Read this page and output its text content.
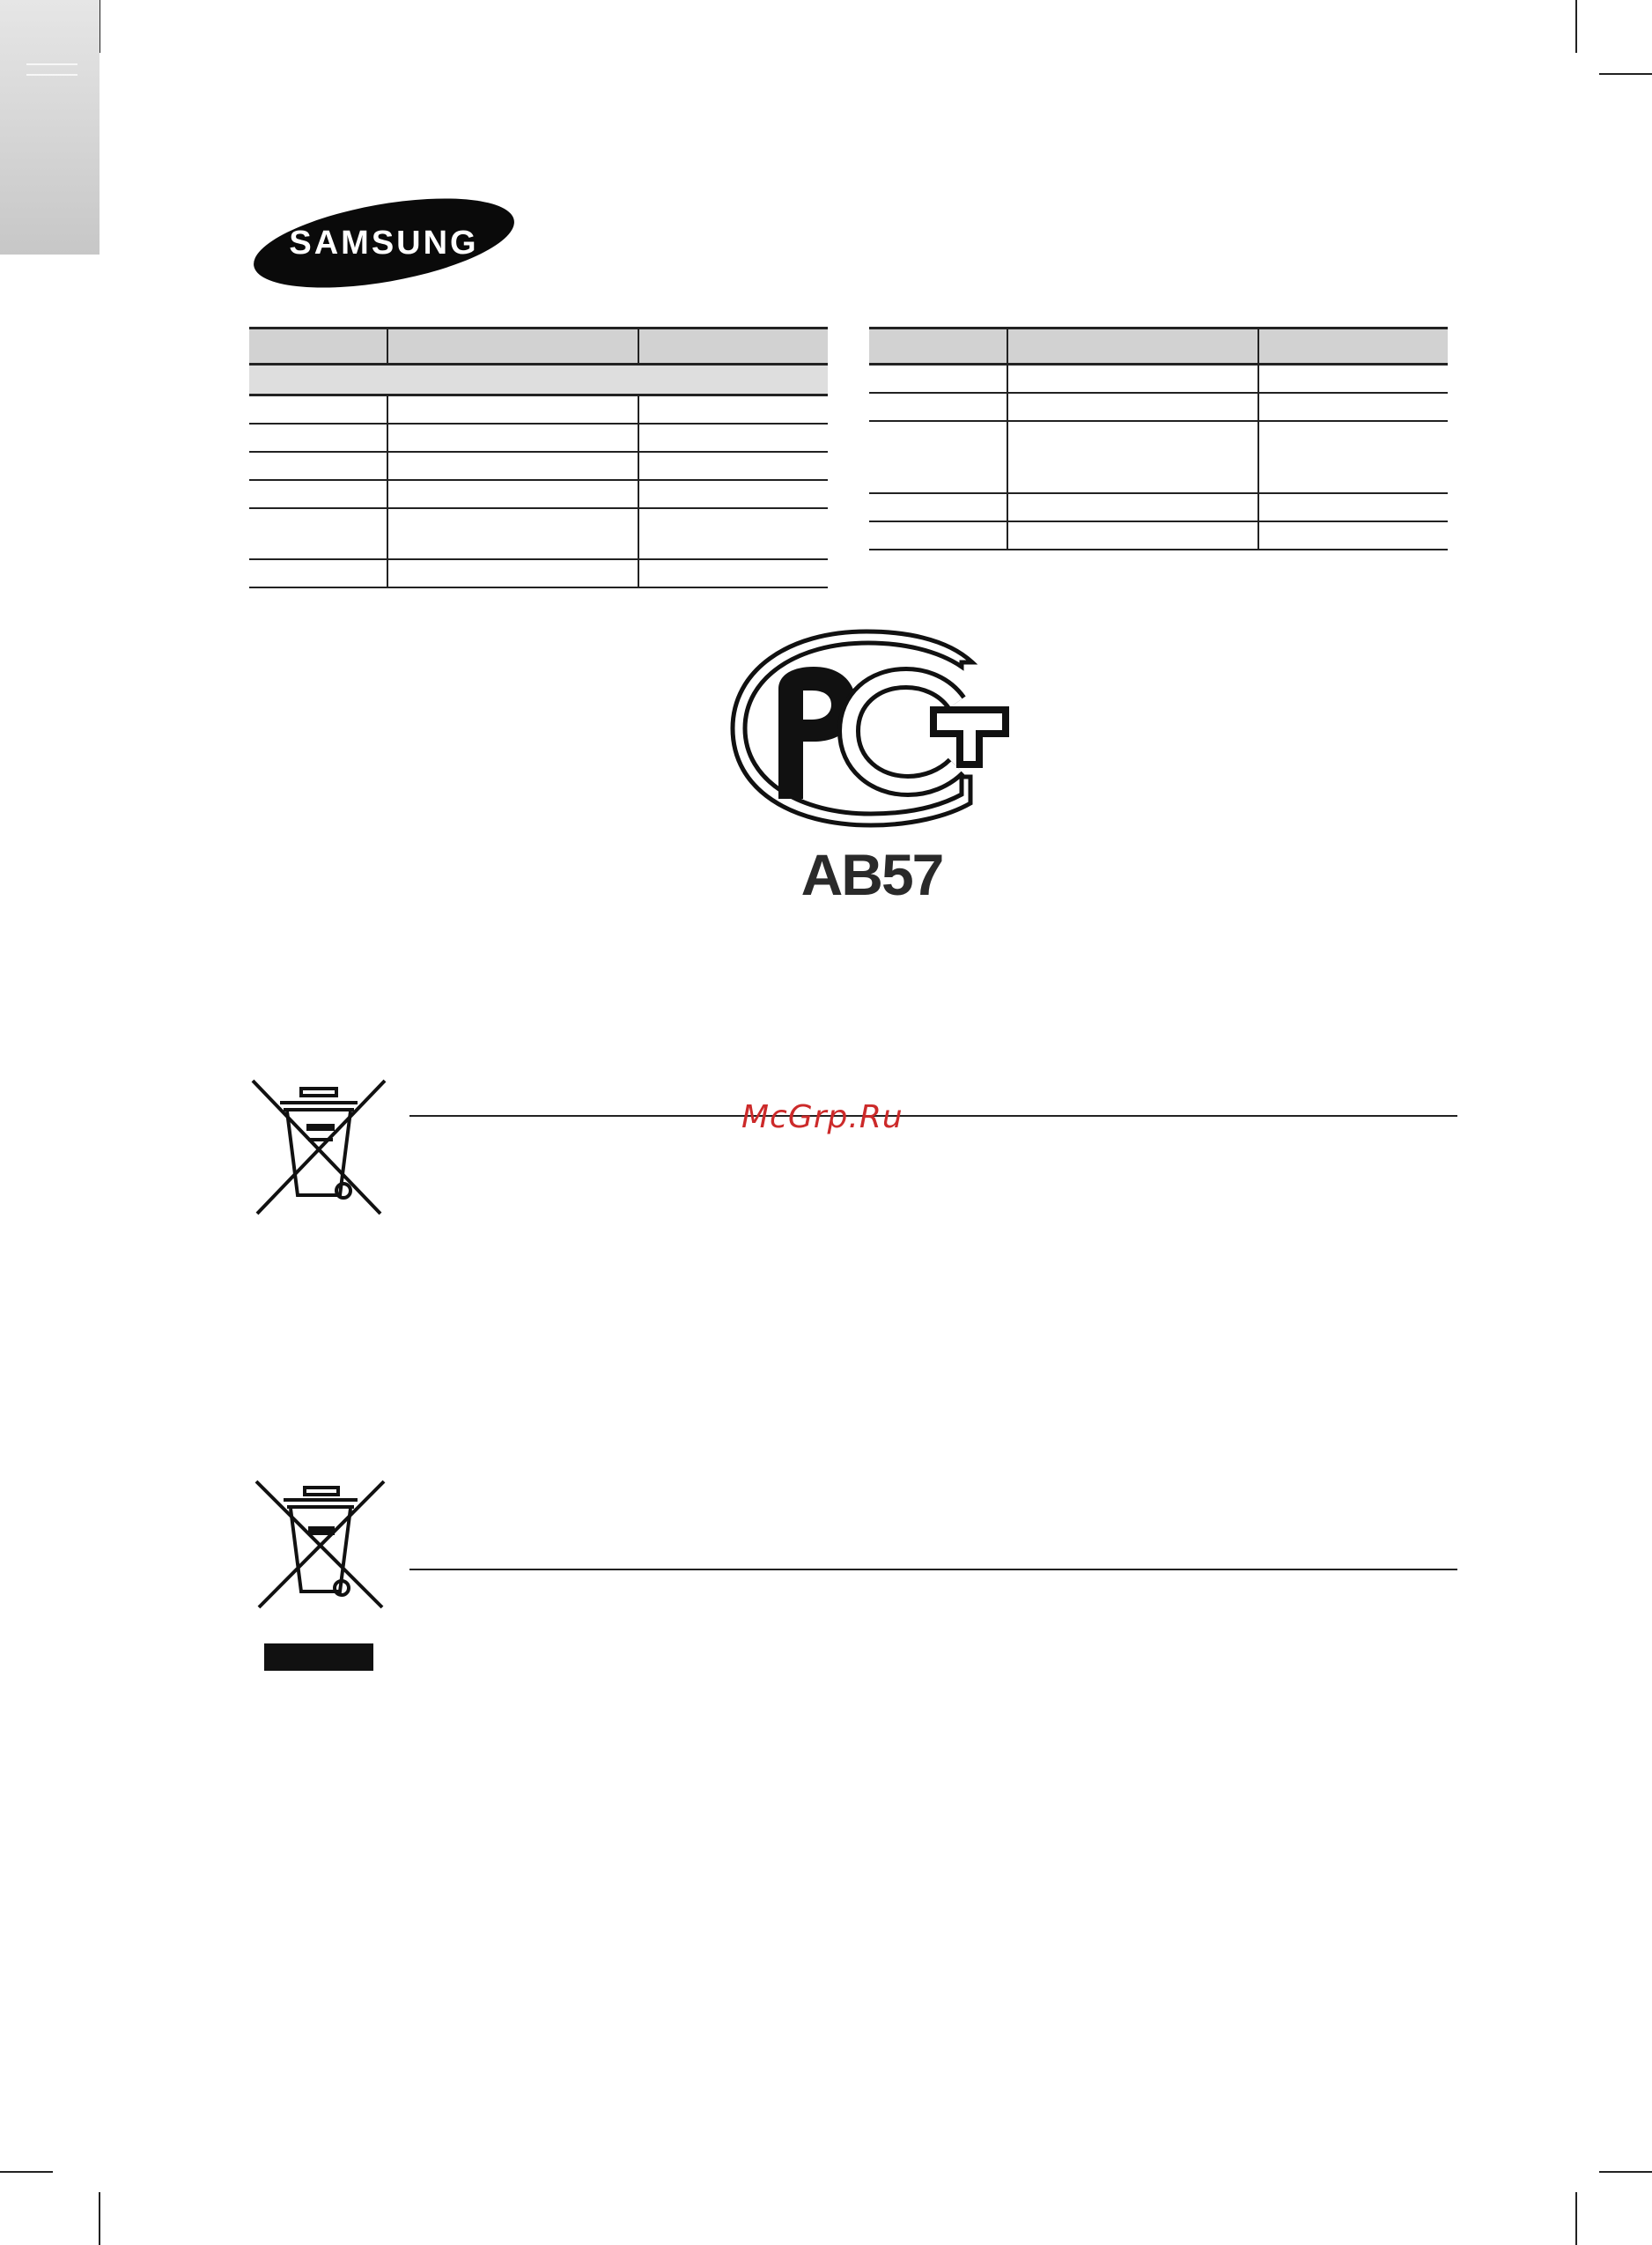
SAMSUNG

АВ57
McGrp.Ru
